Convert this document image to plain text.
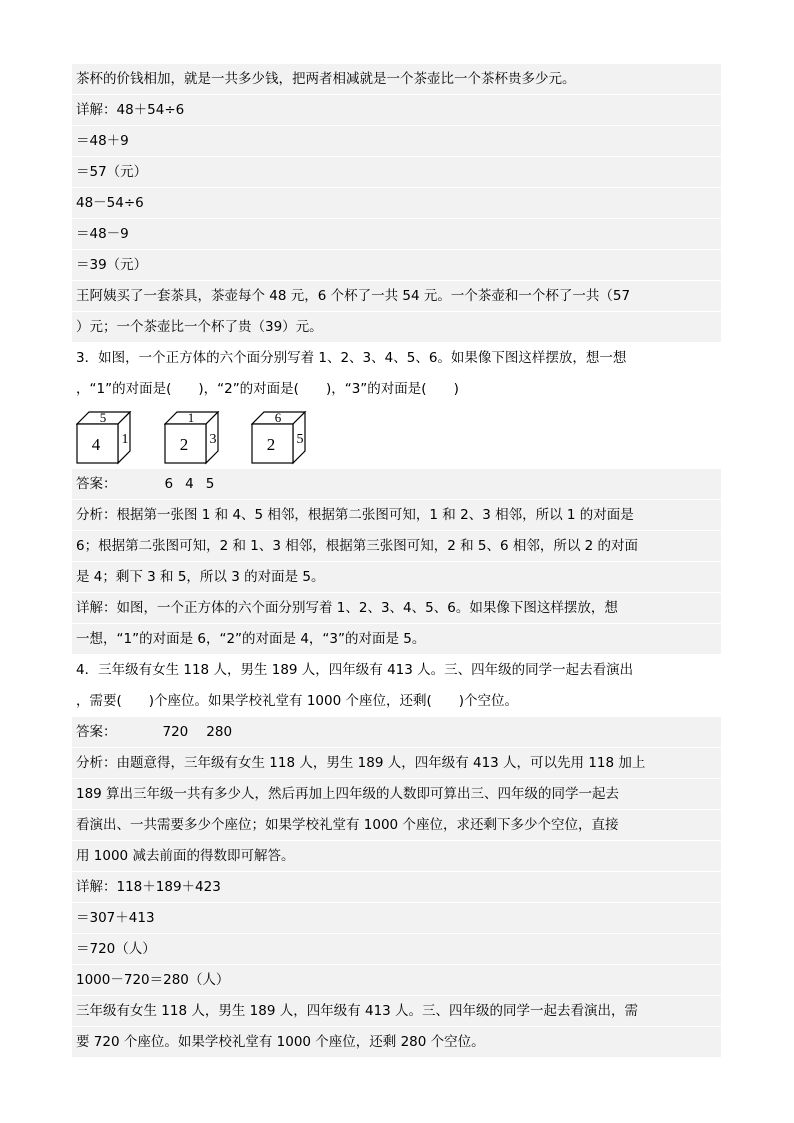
茶杯的价钱相加，就是一共多少钱，把两者相减就是一个茶壶比一个茶杯贵多少元。
详解：48＋54÷6
＝48＋9
＝57（元）
48－54÷6
＝48－9
＝39（元）
王阿姨买了一套茶具，茶壶每个 48 元，6 个杯了一共 54 元。一个茶壶和一个杯了一共（57
）元；一个茶壶比一个杯了贵（39）元。
3．如图，一个正方体的六个面分别写着 1、2、3、4、5、6。如果像下图这样摆放，想一想
，“1”的对面是(　　)，“2”的对面是(　　)，“3”的对面是(　　)
5
4 1
1
2 3
6
2 5
答案：	6 4 5
分析：根据第一张图 1 和 4、5 相邻，根据第二张图可知，1 和 2、3 相邻，所以 1 的对面是
6；根据第二张图可知，2 和 1、3 相邻，根据第三张图可知，2 和 5、6 相邻，所以 2 的对面
是 4；剩下 3 和 5，所以 3 的对面是 5。
详解：如图，一个正方体的六个面分别写着 1、2、3、4、5、6。如果像下图这样摆放，想
一想，“1”的对面是 6，“2”的对面是 4，“3”的对面是 5。
4．三年级有女生 118 人，男生 189 人，四年级有 413 人。三、四年级的同学一起去看演出
，需要(　　)个座位。如果学校礼堂有 1000 个座位，还剩(　　)个空位。
答案：	720 280
分析：由题意得，三年级有女生 118 人，男生 189 人，四年级有 413 人，可以先用 118 加上
189 算出三年级一共有多少人，然后再加上四年级的人数即可算出三、四年级的同学一起去
看演出、一共需要多少个座位；如果学校礼堂有 1000 个座位，求还剩下多少个空位，直接
用 1000 减去前面的得数即可解答。
详解：118＋189＋423
＝307＋413
＝720（人）
1000－720＝280（人）
三年级有女生 118 人，男生 189 人，四年级有 413 人。三、四年级的同学一起去看演出，需
要 720 个座位。如果学校礼堂有 1000 个座位，还剩 280 个空位。
